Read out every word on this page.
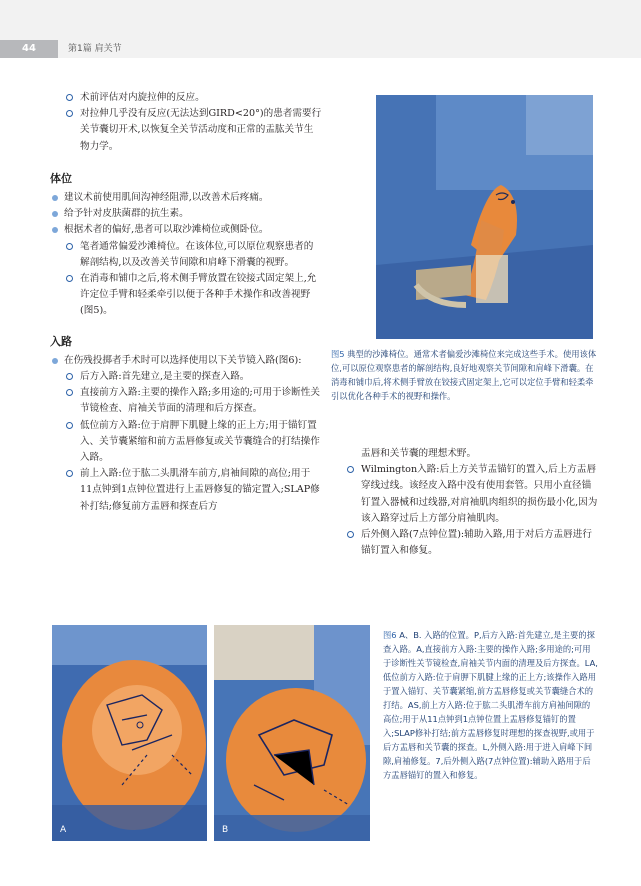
44	第1篇 肩关节

术前评估对内旋拉伸的反应。

对拉伸几乎没有反应(无法达到GIRD<20°)的患者需要行关节囊切开术,以恢复全关节活动度和正常的盂肱关节生物力学。

体位

建议术前使用肌间沟神经阻滞,以改善术后疼痛。

给予针对皮肤菌群的抗生素。

根据术者的偏好,患者可以取沙滩椅位或侧卧位。

笔者通常偏爱沙滩椅位。在该体位,可以原位观察患者的解剖结构,以及改善关节间隙和肩峰下滑囊的视野。

在消毒和铺巾之后,将术侧手臂放置在铰接式固定架上,允许定位手臂和轻柔牵引以便于各种手术操作和改善视野(图5)。

入路

在伤残投掷者手术时可以选择使用以下关节镜入路(图6):

后方入路:首先建立,是主要的探查入路。

直接前方入路:主要的操作入路;多用途的;可用于诊断性关节镜检查、肩袖关节面的清理和后方探查。

低位前方入路:位于肩胛下肌腱上缘的正上方;用于锚钉置入、关节囊紧缩和前方盂唇修复或关节囊缝合的打结操作入路。

前上入路:位于肱二头肌滑车前方,肩袖间隙的高位;用于11点钟到1点钟位置进行上盂唇修复的锚定置入;SLAP修补打结;修复前方盂唇和探查后方

图5 典型的沙滩椅位。通常术者偏爱沙滩椅位来完成这些手术。使用该体位,可以原位观察患者的解剖结构,良好地观察关节间隙和肩峰下滑囊。在消毒和铺巾后,将术侧手臂放在铰接式固定架上,它可以定位手臂和轻柔牵引以优化各种手术的视野和操作。

盂唇和关节囊的理想术野。

Wilmington入路:后上方关节盂锚钉的置入,后上方盂唇穿线过线。该经皮入路中没有使用套管。只用小直径锚钉置入器械和过线器,对肩袖肌肉组织的损伤最小化,因为该入路穿过后上方部分肩袖肌肉。

后外侧入路(7点钟位置):辅助入路,用于对后方盂唇进行锚钉置入和修复。

A	B
图6 A、B. 入路的位置。P,后方入路:首先建立,是主要的探查入路。A,直接前方入路:主要的操作入路;多用途的;可用于诊断性关节镜检查,肩袖关节内面的清理及后方探查。LA,低位前方入路:位于肩胛下肌腱上缘的正上方;该操作入路用于置入锚钉、关节囊紧缩,前方盂唇修复或关节囊缝合术的打结。AS,前上方入路:位于肱二头肌滑车前方肩袖间隙的高位;用于从11点钟到1点钟位置上盂唇修复锚钉的置入;SLAP修补打结;前方盂唇修复时理想的探查视野,或用于后方盂唇和关节囊的探查。L,外侧入路:用于进入肩峰下间隙,肩袖修复。7,后外侧入路(7点钟位置):辅助入路用于后方盂唇锚钉的置入和修复。
